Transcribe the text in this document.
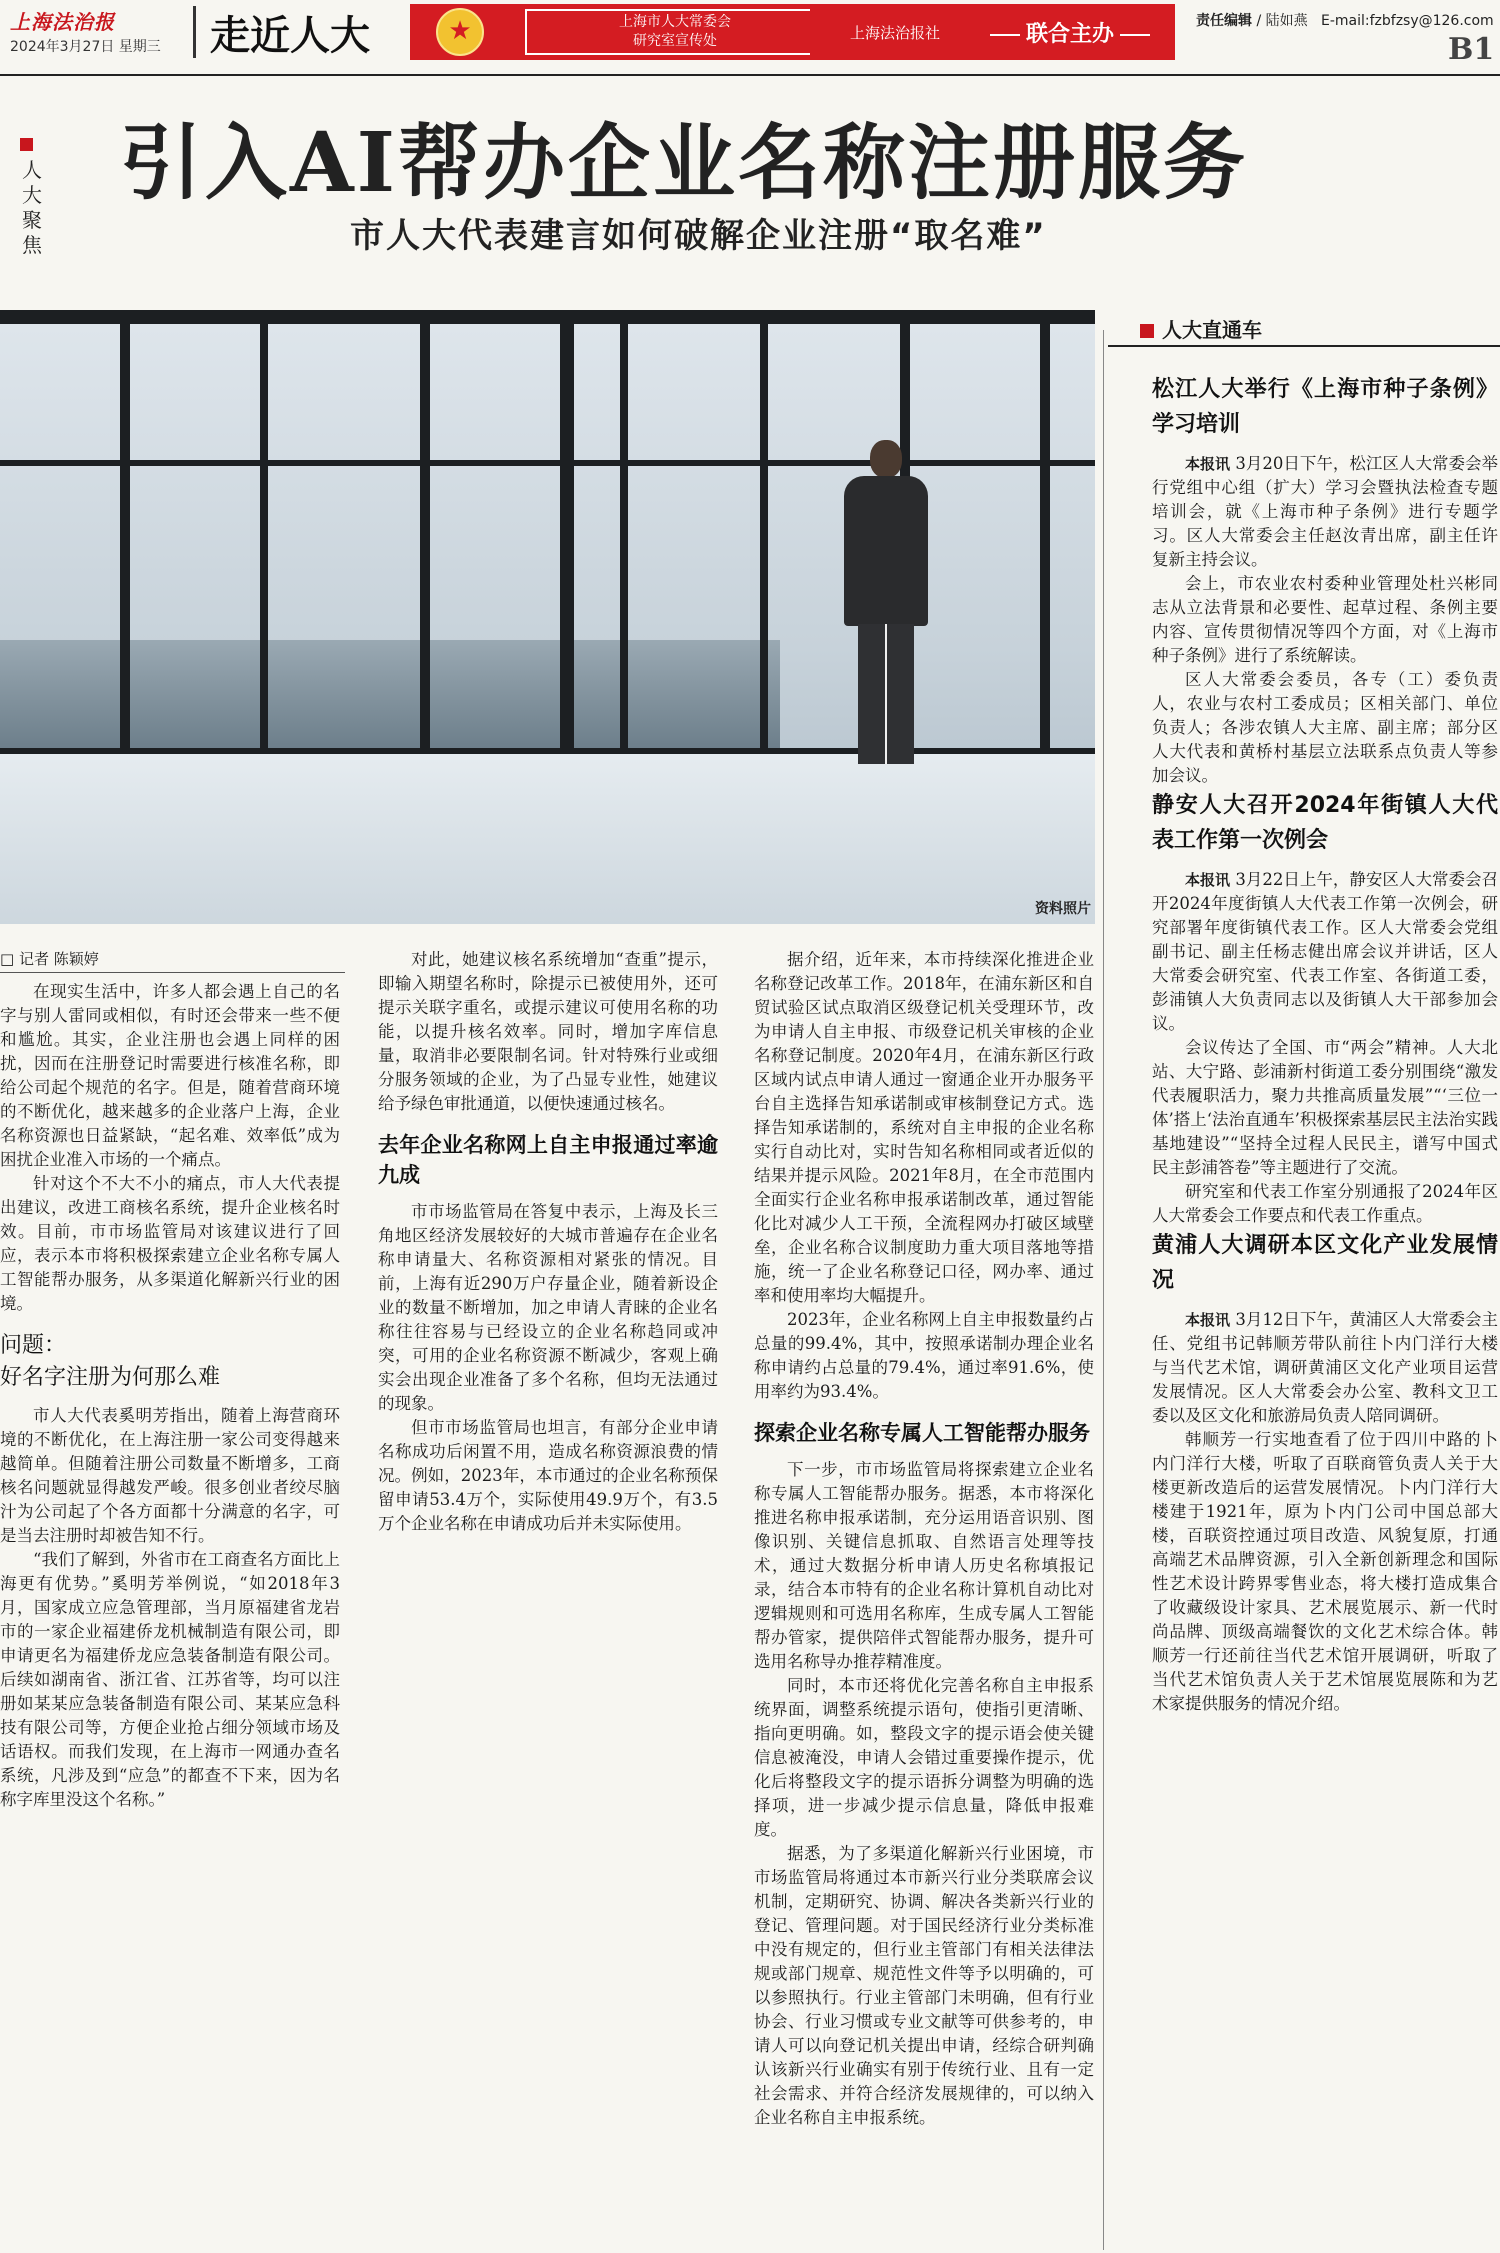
上海法治报
2024年3月27日 星期三 走近人大
★	上海市人大常委会
研究室宣传处	上海法治报社	联合主办
责任编辑 / 陆如燕 E-mail:fzbfzsy@126.com
B1
人大聚焦
引入AI帮办企业名称注册服务
市人大代表建言如何破解企业注册“取名难”
资料照片
□ 记者 陈颖婷

在现实生活中，许多人都会遇上自己的名字与别人雷同或相似，有时还会带来一些不便和尴尬。其实，企业注册也会遇上同样的困扰，因而在注册登记时需要进行核准名称，即给公司起个规范的名字。但是，随着营商环境的不断优化，越来越多的企业落户上海，企业名称资源也日益紧缺，“起名难、效率低”成为困扰企业准入市场的一个痛点。

针对这个不大不小的痛点，市人大代表提出建议，改进工商核名系统，提升企业核名时效。目前，市市场监管局对该建议进行了回应，表示本市将积极探索建立企业名称专属人工智能帮办服务，从多渠道化解新兴行业的困境。

问题：
好名字注册为何那么难

市人大代表奚明芳指出，随着上海营商环境的不断优化，在上海注册一家公司变得越来越简单。但随着注册公司数量不断增多，工商核名问题就显得越发严峻。很多创业者绞尽脑汁为公司起了个各方面都十分满意的名字，可是当去注册时却被告知不行。

“我们了解到，外省市在工商查名方面比上海更有优势。”奚明芳举例说，“如2018年3月，国家成立应急管理部，当月原福建省龙岩市的一家企业福建侨龙机械制造有限公司，即申请更名为福建侨龙应急装备制造有限公司。后续如湖南省、浙江省、江苏省等，均可以注册如某某应急装备制造有限公司、某某应急科技有限公司等，方便企业抢占细分领域市场及话语权。而我们发现，在上海市一网通办查名系统，凡涉及到“应急”的都查不下来，因为名称字库里没这个名称。”

对此，她建议核名系统增加“查重”提示，即输入期望名称时，除提示已被使用外，还可提示关联字重名，或提示建议可使用名称的功能，以提升核名效率。同时，增加字库信息量，取消非必要限制名词。针对特殊行业或细分服务领域的企业，为了凸显专业性，她建议给予绿色审批通道，以便快速通过核名。

去年企业名称网上自主申报通过率逾九成

市市场监管局在答复中表示，上海及长三角地区经济发展较好的大城市普遍存在企业名称申请量大、名称资源相对紧张的情况。目前，上海有近290万户存量企业，随着新设企业的数量不断增加，加之申请人青睐的企业名称往往容易与已经设立的企业名称趋同或冲突，可用的企业名称资源不断减少，客观上确实会出现企业准备了多个名称，但均无法通过的现象。

但市市场监管局也坦言，有部分企业申请名称成功后闲置不用，造成名称资源浪费的情况。例如，2023年，本市通过的企业名称预保留申请53.4万个，实际使用49.9万个，有3.5万个企业名称在申请成功后并未实际使用。

据介绍，近年来，本市持续深化推进企业名称登记改革工作。2018年，在浦东新区和自贸试验区试点取消区级登记机关受理环节，改为申请人自主申报、市级登记机关审核的企业名称登记制度。2020年4月，在浦东新区行政区域内试点申请人通过一窗通企业开办服务平台自主选择告知承诺制或审核制登记方式。选择告知承诺制的，系统对自主申报的企业名称实行自动比对，实时告知名称相同或者近似的结果并提示风险。2021年8月，在全市范围内全面实行企业名称申报承诺制改革，通过智能化比对减少人工干预，全流程网办打破区域壁垒，企业名称合议制度助力重大项目落地等措施，统一了企业名称登记口径，网办率、通过率和使用率均大幅提升。

2023年，企业名称网上自主申报数量约占总量的99.4%，其中，按照承诺制办理企业名称申请约占总量的79.4%，通过率91.6%，使用率约为93.4%。

探索企业名称专属人工智能帮办服务

下一步，市市场监管局将探索建立企业名称专属人工智能帮办服务。据悉，本市将深化推进名称申报承诺制，充分运用语音识别、图像识别、关键信息抓取、自然语言处理等技术，通过大数据分析申请人历史名称填报记录，结合本市特有的企业名称计算机自动比对逻辑规则和可选用名称库，生成专属人工智能帮办管家，提供陪伴式智能帮办服务，提升可选用名称导办推荐精准度。

同时，本市还将优化完善名称自主申报系统界面，调整系统提示语句，使指引更清晰、指向更明确。如，整段文字的提示语会使关键信息被淹没，申请人会错过重要操作提示，优化后将整段文字的提示语拆分调整为明确的选择项，进一步减少提示信息量，降低申报难度。

据悉，为了多渠道化解新兴行业困境，市市场监管局将通过本市新兴行业分类联席会议机制，定期研究、协调、解决各类新兴行业的登记、管理问题。对于国民经济行业分类标准中没有规定的，但行业主管部门有相关法律法规或部门规章、规范性文件等予以明确的，可以参照执行。行业主管部门未明确，但有行业协会、行业习惯或专业文献等可供参考的，申请人可以向登记机关提出申请，经综合研判确认该新兴行业确实有别于传统行业、且有一定社会需求、并符合经济发展规律的，可以纳入企业名称自主申报系统。

人大直通车
松江人大举行《上海市种子条例》学习培训

本报讯 3月20日下午，松江区人大常委会举行党组中心组（扩大）学习会暨执法检查专题培训会，就《上海市种子条例》进行专题学习。区人大常委会主任赵汝青出席，副主任许复新主持会议。

会上，市农业农村委种业管理处杜兴彬同志从立法背景和必要性、起草过程、条例主要内容、宣传贯彻情况等四个方面，对《上海市种子条例》进行了系统解读。

区人大常委会委员，各专（工）委负责人，农业与农村工委成员；区相关部门、单位负责人；各涉农镇人大主席、副主席；部分区人大代表和黄桥村基层立法联系点负责人等参加会议。

静安人大召开2024年街镇人大代表工作第一次例会

本报讯 3月22日上午，静安区人大常委会召开2024年度街镇人大代表工作第一次例会，研究部署年度街镇代表工作。区人大常委会党组副书记、副主任杨志健出席会议并讲话，区人大常委会研究室、代表工作室、各街道工委，彭浦镇人大负责同志以及街镇人大干部参加会议。

会议传达了全国、市“两会”精神。人大北站、大宁路、彭浦新村街道工委分别围绕“激发代表履职活力，聚力共推高质量发展”“‘三位一体’搭上‘法治直通车’积极探索基层民主法治实践基地建设”“坚持全过程人民民主，谱写中国式民主彭浦答卷”等主题进行了交流。

研究室和代表工作室分别通报了2024年区人大常委会工作要点和代表工作重点。

黄浦人大调研本区文化产业发展情况

本报讯 3月12日下午，黄浦区人大常委会主任、党组书记韩顺芳带队前往卜内门洋行大楼与当代艺术馆，调研黄浦区文化产业项目运营发展情况。区人大常委会办公室、教科文卫工委以及区文化和旅游局负责人陪同调研。

韩顺芳一行实地查看了位于四川中路的卜内门洋行大楼，听取了百联商管负责人关于大楼更新改造后的运营发展情况。卜内门洋行大楼建于1921年，原为卜内门公司中国总部大楼，百联资控通过项目改造、风貌复原，打通高端艺术品牌资源，引入全新创新理念和国际性艺术设计跨界零售业态，将大楼打造成集合了收藏级设计家具、艺术展览展示、新一代时尚品牌、顶级高端餐饮的文化艺术综合体。韩顺芳一行还前往当代艺术馆开展调研，听取了当代艺术馆负责人关于艺术馆展览展陈和为艺术家提供服务的情况介绍。
